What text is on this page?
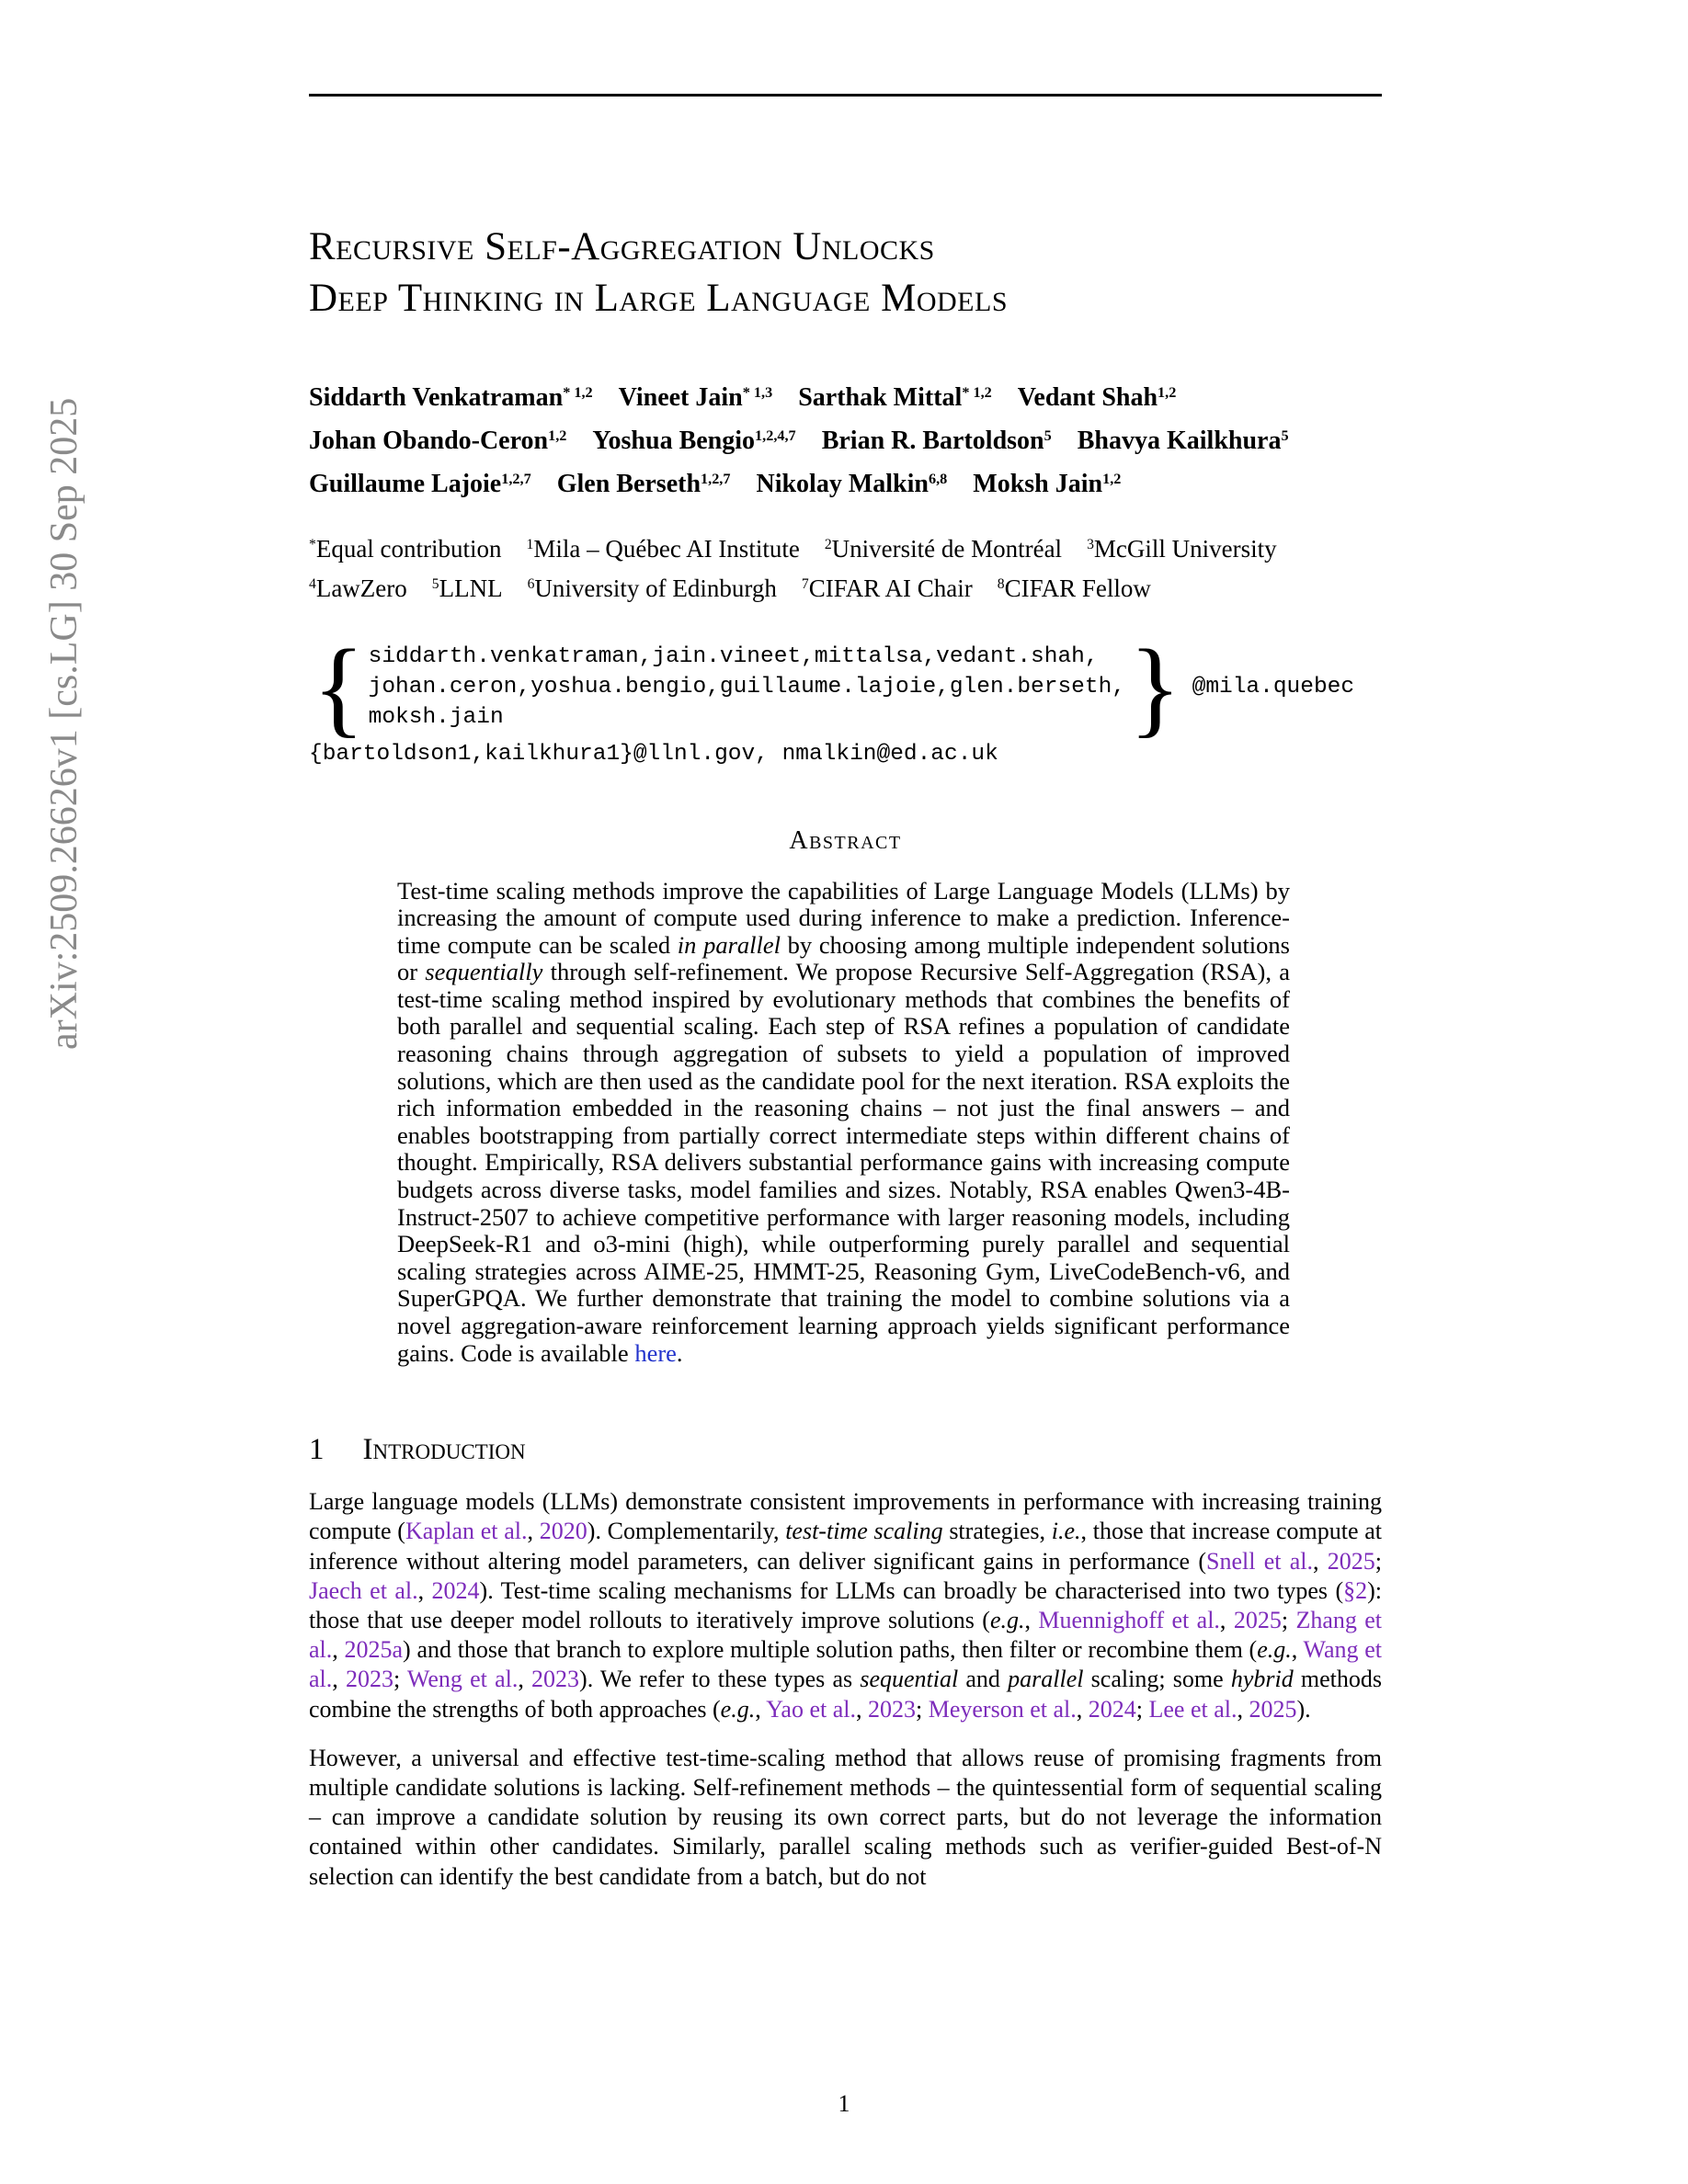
arXiv:2509.26626v1 [cs.LG] 30 Sep 2025
Recursive Self-Aggregation Unlocks
Deep Thinking in Large Language Models
Siddarth Venkatraman$^{* 1,2}$  Vineet Jain$^{* 1,3}$  Sarthak Mittal$^{* 1,2}$  Vedant Shah$^{1,2}$
Johan Obando-Ceron$^{1,2}$  Yoshua Bengio$^{1,2,4,7}$  Brian R. Bartoldson$^5$  Bhavya Kailkhura$^5$
Guillaume Lajoie$^{1,2,7}$  Glen Berseth$^{1,2,7}$  Nikolay Malkin$^{6,8}$  Moksh Jain$^{1,2}$
*Equal contribution  $^1$Mila – Québec AI Institute  $^2$Université de Montréal  $^3$McGill University
$^4$LawZero  $^5$LLNL  $^6$University of Edinburgh  $^7$CIFAR AI Chair  $^8$CIFAR Fellow
{ siddarth.venkatraman,jain.vineet,mittalsa,vedant.shah,
johan.ceron,yoshua.bengio,guillaume.lajoie,glen.berseth,
moksh.jain	} @mila.quebec
{bartoldson1,kailkhura1}@llnl.gov, nmalkin@ed.ac.uk
Abstract
Test-time scaling methods improve the capabilities of Large Language Models (LLMs) by increasing the amount of compute used during inference to make a prediction. Inference-time compute can be scaled in parallel by choosing among multiple independent solutions or sequentially through self-refinement. We propose Recursive Self-Aggregation (RSA), a test-time scaling method inspired by evolutionary methods that combines the benefits of both parallel and sequential scaling. Each step of RSA refines a population of candidate reasoning chains through aggregation of subsets to yield a population of improved solutions, which are then used as the candidate pool for the next iteration. RSA exploits the rich information embedded in the reasoning chains – not just the final answers – and enables bootstrapping from partially correct intermediate steps within different chains of thought. Empirically, RSA delivers substantial performance gains with increasing compute budgets across diverse tasks, model families and sizes. Notably, RSA enables Qwen3-4B-Instruct-2507 to achieve competitive performance with larger reasoning models, including DeepSeek-R1 and o3-mini (high), while outperforming purely parallel and sequential scaling strategies across AIME-25, HMMT-25, Reasoning Gym, LiveCodeBench-v6, and SuperGPQA. We further demonstrate that training the model to combine solutions via a novel aggregation-aware reinforcement learning approach yields significant performance gains. Code is available here.
1 Introduction

Large language models (LLMs) demonstrate consistent improvements in performance with increasing training compute (Kaplan et al., 2020). Complementarily, test-time scaling strategies, i.e., those that increase compute at inference without altering model parameters, can deliver significant gains in performance (Snell et al., 2025; Jaech et al., 2024). Test-time scaling mechanisms for LLMs can broadly be characterised into two types (§2): those that use deeper model rollouts to iteratively improve solutions (e.g., Muennighoff et al., 2025; Zhang et al., 2025a) and those that branch to explore multiple solution paths, then filter or recombine them (e.g., Wang et al., 2023; Weng et al., 2023). We refer to these types as sequential and parallel scaling; some hybrid methods combine the strengths of both approaches (e.g., Yao et al., 2023; Meyerson et al., 2024; Lee et al., 2025).

However, a universal and effective test-time-scaling method that allows reuse of promising fragments from multiple candidate solutions is lacking. Self-refinement methods – the quintessential form of sequential scaling – can improve a candidate solution by reusing its own correct parts, but do not leverage the information contained within other candidates. Similarly, parallel scaling methods such as verifier-guided Best-of-N selection can identify the best candidate from a batch, but do not

1
